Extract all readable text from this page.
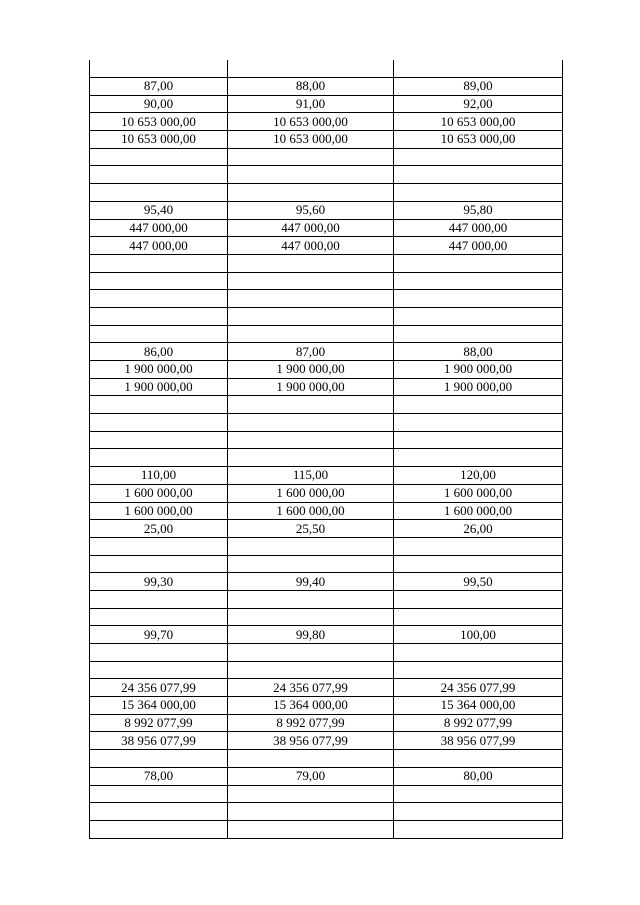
87,00	88,00	89,00
90,00	91,00	92,00
10 653 000,00	10 653 000,00	10 653 000,00
10 653 000,00	10 653 000,00	10 653 000,00

95,40	95,60	95,80
447 000,00	447 000,00	447 000,00
447 000,00	447 000,00	447 000,00

86,00	87,00	88,00
1 900 000,00	1 900 000,00	1 900 000,00
1 900 000,00	1 900 000,00	1 900 000,00

110,00	115,00	120,00
1 600 000,00	1 600 000,00	1 600 000,00
1 600 000,00	1 600 000,00	1 600 000,00
25,00	25,50	26,00

99,30	99,40	99,50

99,70	99,80	100,00

24 356 077,99	24 356 077,99	24 356 077,99
15 364 000,00	15 364 000,00	15 364 000,00
8 992 077,99	8 992 077,99	8 992 077,99
38 956 077,99	38 956 077,99	38 956 077,99

78,00	79,00	80,00
